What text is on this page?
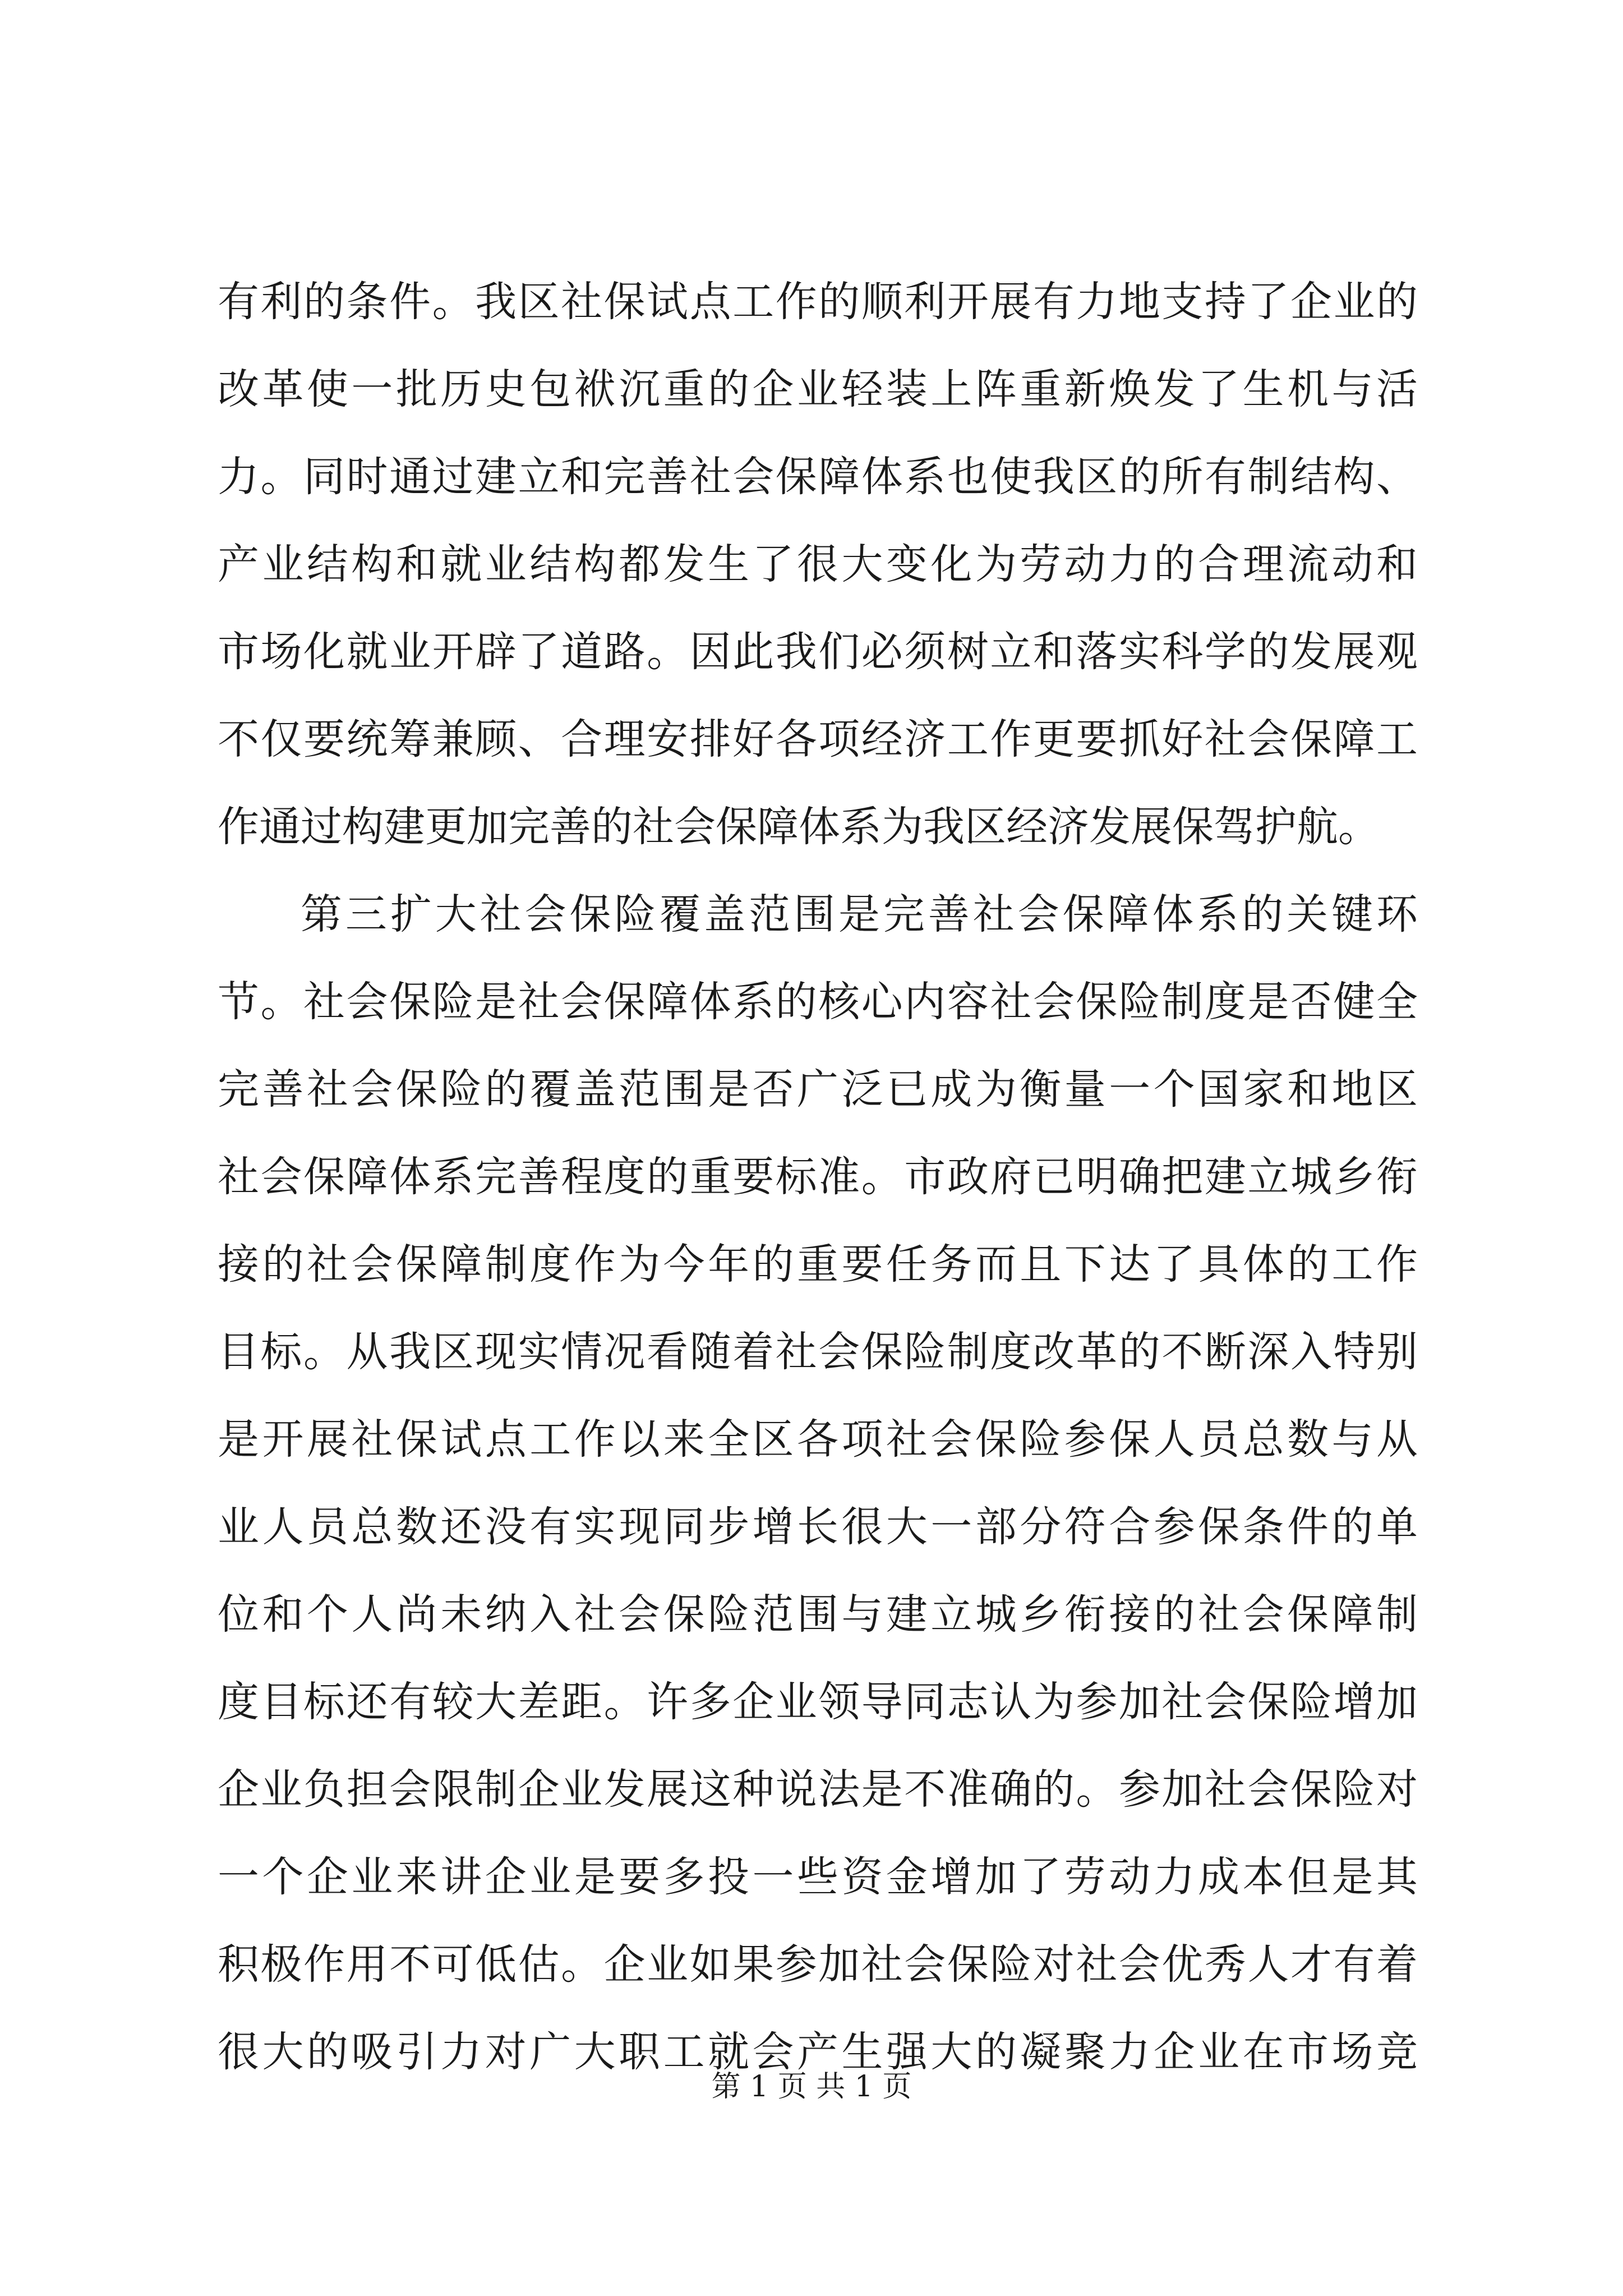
有利的条件。我区社保试点工作的顺利开展有力地支持了企业的
改革使一批历史包袱沉重的企业轻装上阵重新焕发了生机与活
力。同时通过建立和完善社会保障体系也使我区的所有制结构、
产业结构和就业结构都发生了很大变化为劳动力的合理流动和
市场化就业开辟了道路。因此我们必须树立和落实科学的发展观
不仅要统筹兼顾、合理安排好各项经济工作更要抓好社会保障工
作通过构建更加完善的社会保障体系为我区经济发展保驾护航。
第三扩大社会保险覆盖范围是完善社会保障体系的关键环
节。社会保险是社会保障体系的核心内容社会保险制度是否健全
完善社会保险的覆盖范围是否广泛已成为衡量一个国家和地区
社会保障体系完善程度的重要标准。市政府已明确把建立城乡衔
接的社会保障制度作为今年的重要任务而且下达了具体的工作
目标。从我区现实情况看随着社会保险制度改革的不断深入特别
是开展社保试点工作以来全区各项社会保险参保人员总数与从
业人员总数还没有实现同步增长很大一部分符合参保条件的单
位和个人尚未纳入社会保险范围与建立城乡衔接的社会保障制
度目标还有较大差距。许多企业领导同志认为参加社会保险增加
企业负担会限制企业发展这种说法是不准确的。参加社会保险对
一个企业来讲企业是要多投一些资金增加了劳动力成本但是其
积极作用不可低估。企业如果参加社会保险对社会优秀人才有着
很大的吸引力对广大职工就会产生强大的凝聚力企业在市场竞
第 1 页 共 1 页
